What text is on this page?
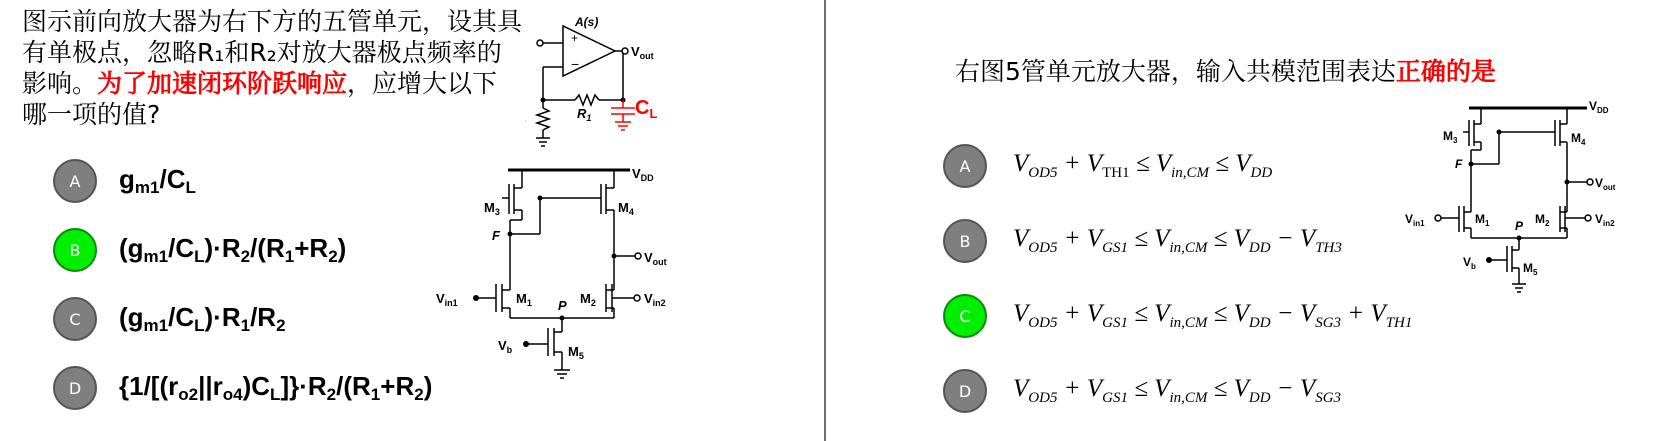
图示前向放大器为右下方的五管单元，设其具有单极点，忽略R₁和R₂对放大器极点频率的影响。为了加速闭环阶跃响应，应增大以下哪一项的值?
A	$g_{m1}/C_L$
B	$(g_{m1}/C_L)\cdot R_2/(R_1+R_2)$
C	$(g_{m1}/C_L)\cdot R_1/R_2$
D	$\{1/[(r_{o2}||r_{o4})C_L]\}\cdot R_2/(R_1+R_2)$
+
−
A(s)
$V_{out}$
$R_1$ $C_L$
$V_{DD}$
$M_3$	$M_4$
F
$V_{out}$
$V_{in1}$	$M_1$ P $M_2$	$V_{in2}$
$V_b$	$M_5$
右图5管单元放大器，输入共模范围表达正确的是
A	$V_{OD5} + V_{TH1} \le V_{in,CM} \le V_{DD}$
B	$V_{OD5} + V_{GS1} \le V_{in,CM} \le V_{DD} - V_{TH3}$
C	$V_{OD5} + V_{GS1} \le V_{in,CM} \le V_{DD} - V_{SG3} + V_{TH1}$
D	$V_{OD5} + V_{GS1} \le V_{in,CM} \le V_{DD} - V_{SG3}$
$V_{DD}$
$M_3$	$M_4$
F
$V_{out}$
$V_{in1}$	$M_1$ P $M_2$	$V_{in2}$
$V_b$	$M_5$
